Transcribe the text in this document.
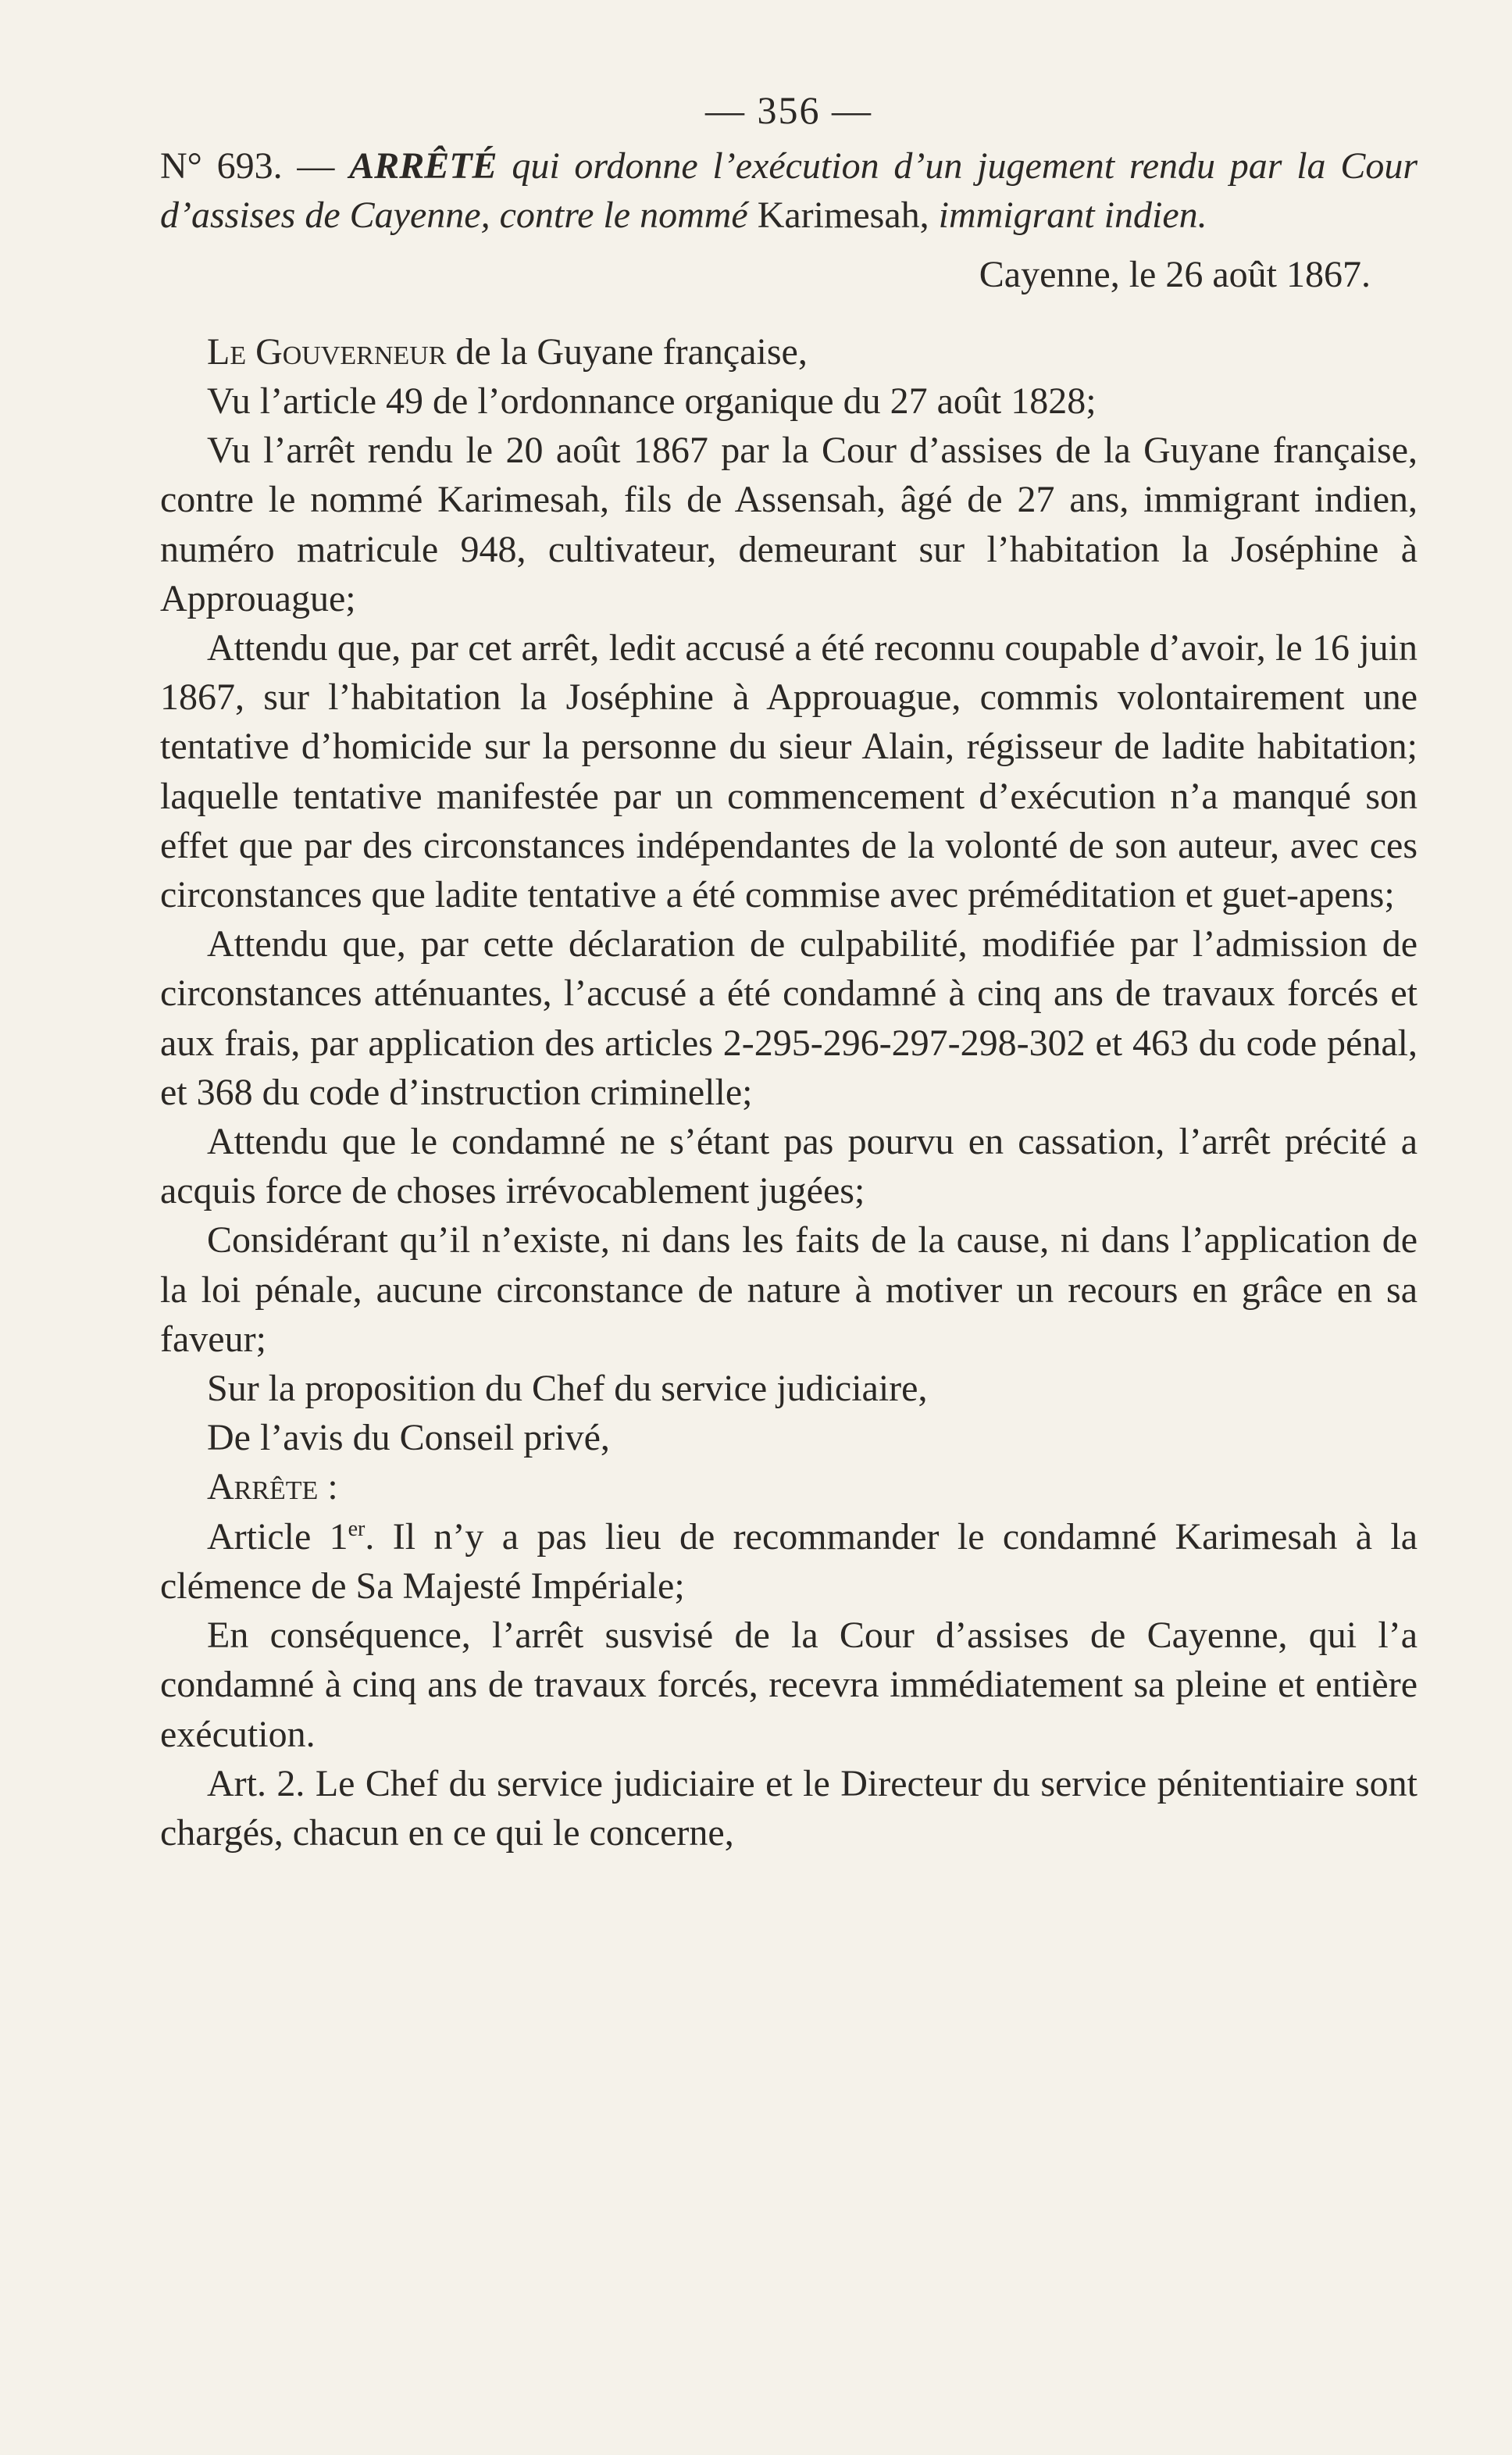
— 356 —

N° 693. — ARRÊTÉ qui ordonne l’exécution d’un jugement rendu par la Cour d’assises de Cayenne, contre le nommé Karimesah, immigrant indien.

Cayenne, le 26 août 1867.

Le Gouverneur de la Guyane française,

Vu l’article 49 de l’ordonnance organique du 27 août 1828;

Vu l’arrêt rendu le 20 août 1867 par la Cour d’assises de la Guyane française, contre le nommé Karimesah, fils de Assensah, âgé de 27 ans, immigrant indien, numéro matricule 948, cultivateur, demeurant sur l’habitation la Joséphine à Approuague;

Attendu que, par cet arrêt, ledit accusé a été reconnu coupable d’avoir, le 16 juin 1867, sur l’habitation la Joséphine à Approuague, commis volontairement une tentative d’homicide sur la personne du sieur Alain, régisseur de ladite habitation; laquelle tentative manifestée par un commencement d’exécution n’a manqué son effet que par des circonstances indépendantes de la volonté de son auteur, avec ces circonstances que ladite tentative a été commise avec préméditation et guet-apens;

Attendu que, par cette déclaration de culpabilité, modifiée par l’admission de circonstances atténuantes, l’accusé a été condamné à cinq ans de travaux forcés et aux frais, par application des articles 2-295-296-297-298-302 et 463 du code pénal, et 368 du code d’instruction criminelle;

Attendu que le condamné ne s’étant pas pourvu en cassation, l’arrêt précité a acquis force de choses irrévocablement jugées;

Considérant qu’il n’existe, ni dans les faits de la cause, ni dans l’application de la loi pénale, aucune circonstance de nature à motiver un recours en grâce en sa faveur;

Sur la proposition du Chef du service judiciaire,

De l’avis du Conseil privé,

Arrête :

Article 1er. Il n’y a pas lieu de recommander le condamné Karimesah à la clémence de Sa Majesté Impériale;

En conséquence, l’arrêt susvisé de la Cour d’assises de Cayenne, qui l’a condamné à cinq ans de travaux forcés, recevra immédiatement sa pleine et entière exécution.

Art. 2. Le Chef du service judiciaire et le Directeur du service pénitentiaire sont chargés, chacun en ce qui le concerne,
